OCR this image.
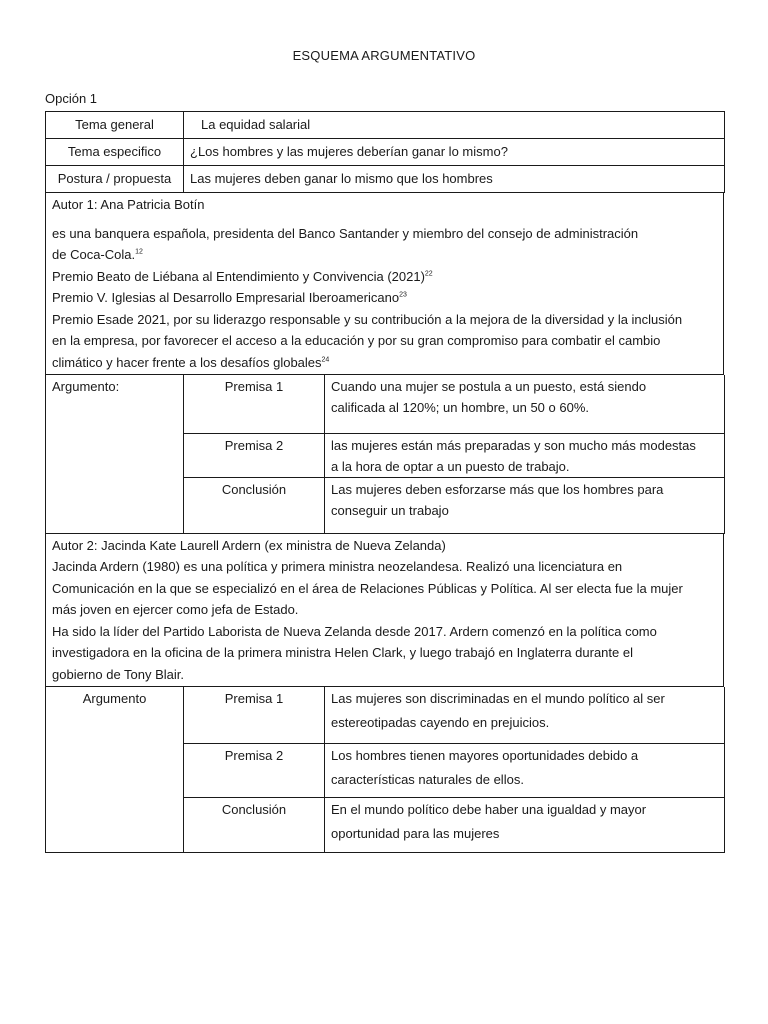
ESQUEMA ARGUMENTATIVO
Opción 1
Tema general	La equidad salarial
Tema especifico	¿Los hombres y las mujeres deberían ganar lo mismo?
Postura / propuesta	Las mujeres deben ganar lo mismo que los hombres

Autor 1: Ana Patricia Botín

es una banquera española, presidenta del Banco Santander y miembro del consejo de administración

de Coca-Cola.$^{12}$

Premio Beato de Liébana al Entendimiento y Convivencia $(2021)^{22}$

Premio V. Iglesias al Desarrollo Empresarial Iberoamericano$^{23}$

Premio Esade 2021, por su liderazgo responsable y su contribución a la mejora de la diversidad y la inclusión

en la empresa, por favorecer el acceso a la educación y por su gran compromiso para combatir el cambio

climático y hacer frente a los desafíos globales$^{24}$

Argumento:	Premisa 1	Cuando una mujer se postula a un puesto, está siendo
calificada al 120%; un hombre, un 50 o 60%.

	Premisa 2	las mujeres están más preparadas y son mucho más modestas
a la hora de optar a un puesto de trabajo.

	Conclusión	Las mujeres deben esforzarse más que los hombres para
conseguir un trabajo

Autor 2: Jacinda Kate Laurell Ardern (ex ministra de Nueva Zelanda)

Jacinda Ardern (1980) es una política y primera ministra neozelandesa. Realizó una licenciatura en

Comunicación en la que se especializó en el área de Relaciones Públicas y Política. Al ser electa fue la mujer

más joven en ejercer como jefa de Estado.

Ha sido la líder del Partido Laborista de Nueva Zelanda desde 2017. Ardern comenzó en la política como

investigadora en la oficina de la primera ministra Helen Clark, y luego trabajó en Inglaterra durante el

gobierno de Tony Blair.

Argumento	Premisa 1	Las mujeres son discriminadas en el mundo político al ser
estereotipadas cayendo en prejuicios.

	Premisa 2	Los hombres tienen mayores oportunidades debido a
características naturales de ellos.

	Conclusión	En el mundo político debe haber una igualdad y mayor
oportunidad para las mujeres
